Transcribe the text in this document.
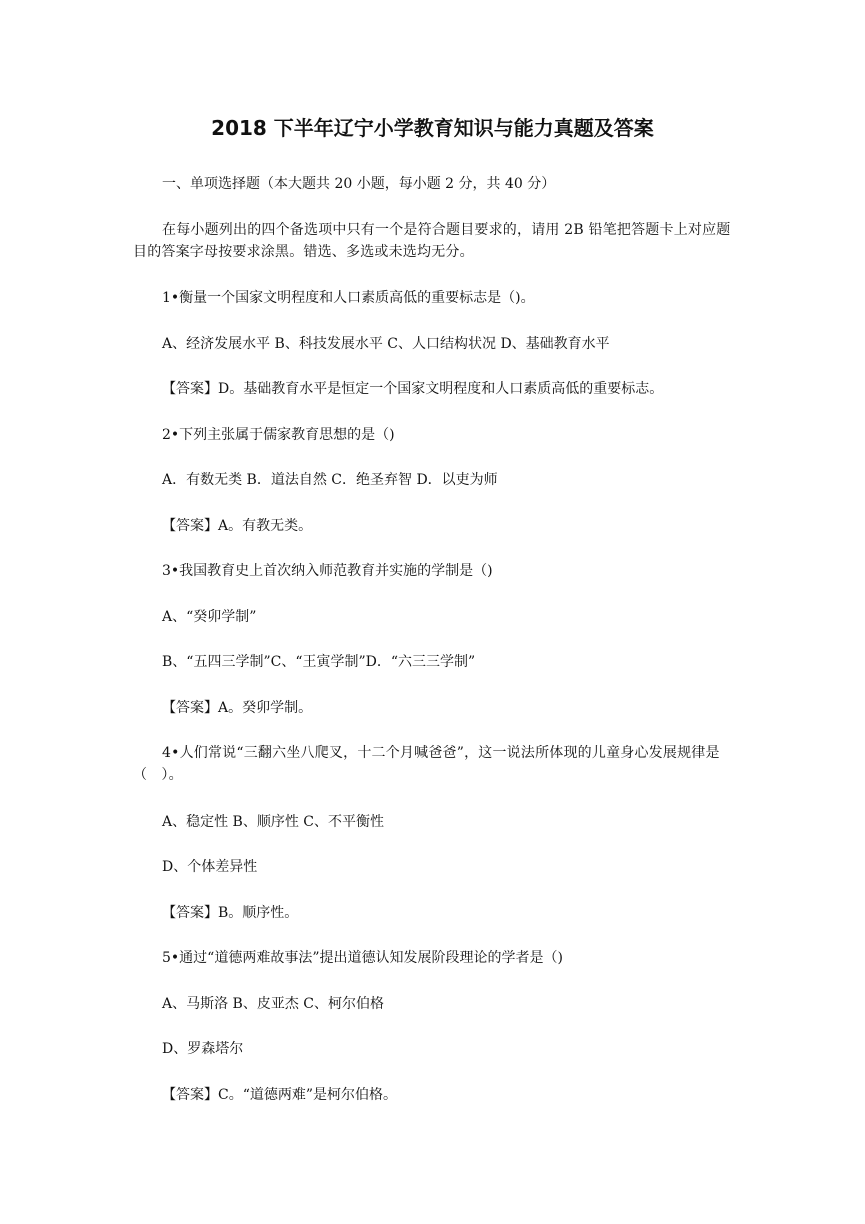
2018 下半年辽宁小学教育知识与能力真题及答案

一、单项选择题（本大题共 20 小题，每小题 2 分，共 40 分）

在每小题列出的四个备选项中只有一个是符合题目要求的，请用 2B 铅笔把答题卡上对应题目的答案字母按要求涂黑。错选、多选或未选均无分。

1•衡量一个国家文明程度和人口素质高低的重要标志是（)。

A、经济发展水平 B、科技发展水平 C、人口结构状况 D、基础教育水平

【答案】D。基础教育水平是恒定一个国家文明程度和人口素质高低的重要标志。

2•下列主张属于儒家教育思想的是（)

A．有数无类 B．道法自然 C．绝圣弃智 D．以吏为师

【答案】A。有教无类。

3•我国教育史上首次纳入师范教育并实施的学制是（)

A、“癸卯学制”

B、“五四三学制”C、“王寅学制”D．“六三三学制”

【答案】A。癸卯学制。

4•人们常说“三翻六坐八爬叉，十二个月喊爸爸”，这一说法所体现的儿童身心发展规律是（　）。

A、稳定性 B、顺序性 C、不平衡性

D、个体差异性

【答案】B。顺序性。

5•通过“道德两难故事法”提出道德认知发展阶段理论的学者是（)

A、马斯洛 B、皮亚杰 C、柯尔伯格

D、罗森塔尔

【答案】C。“道德两难”是柯尔伯格。
